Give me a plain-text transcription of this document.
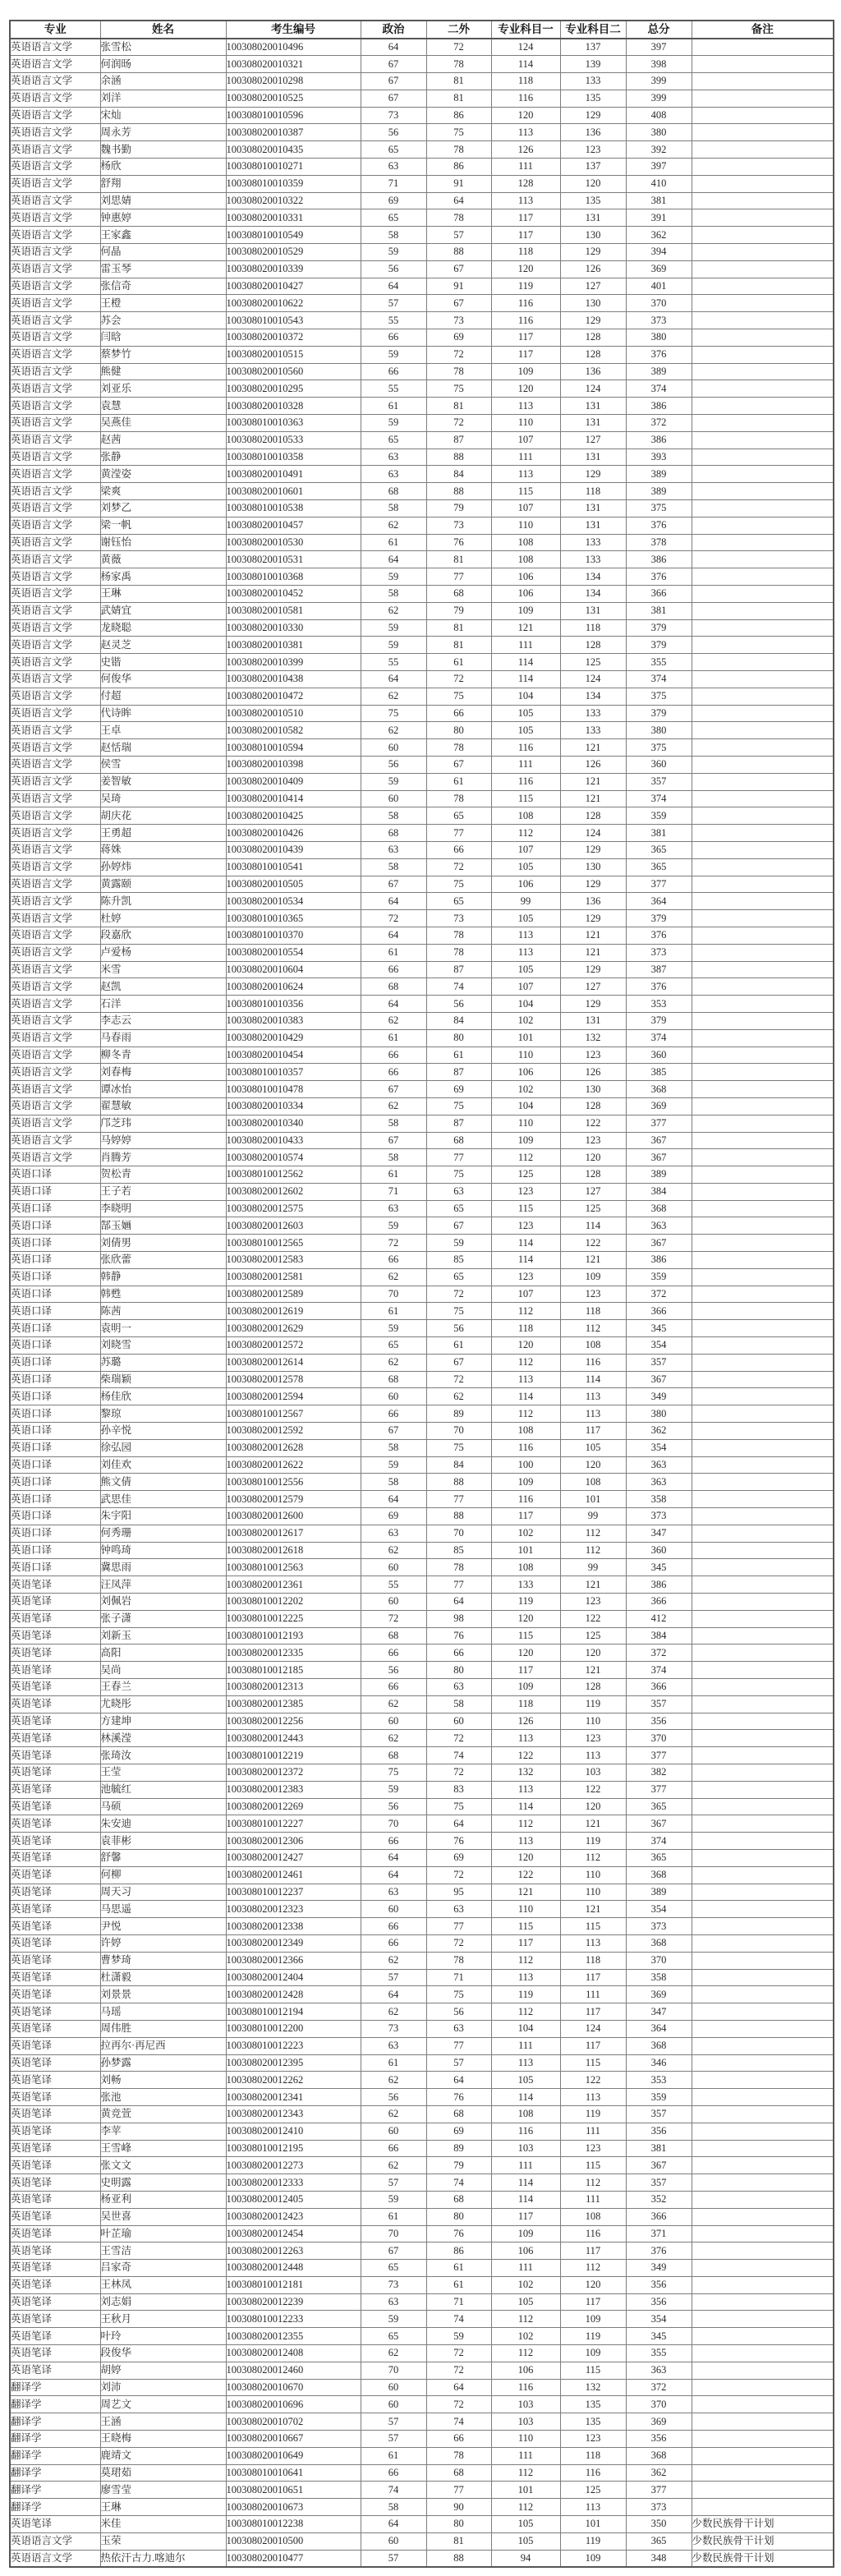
专业	姓名	考生编号	政治	二外	专业科目一	专业科目二	总分	备注
英语语言文学	张雪松	100308020010496	64	72	124	137	397	
英语语言文学	何润旸	100308020010321	67	78	114	139	398	
英语语言文学	余涵	100308020010298	67	81	118	133	399	
英语语言文学	刘洋	100308020010525	67	81	116	135	399	
英语语言文学	宋灿	100308010010596	73	86	120	129	408	
英语语言文学	周永芳	100308020010387	56	75	113	136	380	
英语语言文学	魏书勤	100308020010435	65	78	126	123	392	
英语语言文学	杨欣	100308010010271	63	86	111	137	397	
英语语言文学	舒翔	100308010010359	71	91	128	120	410	
英语语言文学	刘思婧	100308020010322	69	64	113	135	381	
英语语言文学	钟惠婷	100308020010331	65	78	117	131	391	
英语语言文学	王家鑫	100308010010549	58	57	117	130	362	
英语语言文学	何晶	100308020010529	59	88	118	129	394	
英语语言文学	雷玉琴	100308020010339	56	67	120	126	369	
英语语言文学	张信奇	100308020010427	64	91	119	127	401	
英语语言文学	王橙	100308020010622	57	67	116	130	370	
英语语言文学	苏会	100308010010543	55	73	116	129	373	
英语语言文学	闫晗	100308020010372	66	69	117	128	380	
英语语言文学	蔡梦竹	100308020010515	59	72	117	128	376	
英语语言文学	熊健	100308020010560	66	78	109	136	389	
英语语言文学	刘亚乐	100308020010295	55	75	120	124	374	
英语语言文学	袁慧	100308020010328	61	81	113	131	386	
英语语言文学	吴燕佳	100308010010363	59	72	110	131	372	
英语语言文学	赵茜	100308020010533	65	87	107	127	386	
英语语言文学	张静	100308010010358	63	88	111	131	393	
英语语言文学	黄滢姿	100308020010491	63	84	113	129	389	
英语语言文学	梁爽	100308020010601	68	88	115	118	389	
英语语言文学	刘梦乙	100308010010538	58	79	107	131	375	
英语语言文学	梁一帆	100308020010457	62	73	110	131	376	
英语语言文学	谢钰怡	100308020010530	61	76	108	133	378	
英语语言文学	黄薇	100308020010531	64	81	108	133	386	
英语语言文学	杨家禹	100308010010368	59	77	106	134	376	
英语语言文学	王琳	100308020010452	58	68	106	134	366	
英语语言文学	武婧宜	100308020010581	62	79	109	131	381	
英语语言文学	龙晓聪	100308020010330	59	81	121	118	379	
英语语言文学	赵灵芝	100308020010381	59	81	111	128	379	
英语语言文学	史锴	100308020010399	55	61	114	125	355	
英语语言文学	何俊华	100308020010438	64	72	114	124	374	
英语语言文学	付超	100308020010472	62	75	104	134	375	
英语语言文学	代诗眸	100308020010510	75	66	105	133	379	
英语语言文学	王卓	100308020010582	62	80	105	133	380	
英语语言文学	赵恬瑞	100308010010594	60	78	116	121	375	
英语语言文学	侯雪	100308020010398	56	67	111	126	360	
英语语言文学	姜智敏	100308020010409	59	61	116	121	357	
英语语言文学	吴琦	100308020010414	60	78	115	121	374	
英语语言文学	胡庆花	100308020010425	58	65	108	128	359	
英语语言文学	王勇超	100308020010426	68	77	112	124	381	
英语语言文学	蒋姝	100308020010439	63	66	107	129	365	
英语语言文学	孙婷炜	100308010010541	58	72	105	130	365	
英语语言文学	黄露颐	100308020010505	67	75	106	129	377	
英语语言文学	陈升凯	100308020010534	64	65	99	136	364	
英语语言文学	杜婷	100308010010365	72	73	105	129	379	
英语语言文学	段嘉欣	100308010010370	64	78	113	121	376	
英语语言文学	卢爱杨	100308020010554	61	78	113	121	373	
英语语言文学	米雪	100308020010604	66	87	105	129	387	
英语语言文学	赵凯	100308020010624	68	74	107	127	376	
英语语言文学	石洋	100308010010356	64	56	104	129	353	
英语语言文学	李志云	100308020010383	62	84	102	131	379	
英语语言文学	马春雨	100308020010429	61	80	101	132	374	
英语语言文学	柳冬青	100308020010454	66	61	110	123	360	
英语语言文学	刘春梅	100308010010357	66	87	106	126	385	
英语语言文学	谭冰怡	100308010010478	67	69	102	130	368	
英语语言文学	翟慧敏	100308020010334	62	75	104	128	369	
英语语言文学	邝芝玮	100308020010340	58	87	110	122	377	
英语语言文学	马婷婷	100308020010433	67	68	109	123	367	
英语语言文学	肖腾芳	100308020010574	58	77	112	120	367	
英语口译	贺松青	100308010012562	61	75	125	128	389	
英语口译	王子若	100308020012602	71	63	123	127	384	
英语口译	李晓明	100308020012575	63	65	115	125	368	
英语口译	郜玉婳	100308020012603	59	67	123	114	363	
英语口译	刘倩男	100308010012565	72	59	114	122	367	
英语口译	张欣蕾	100308020012583	66	85	114	121	386	
英语口译	韩静	100308020012581	62	65	123	109	359	
英语口译	韩甦	100308020012589	70	72	107	123	372	
英语口译	陈茜	100308020012619	61	75	112	118	366	
英语口译	袁明一	100308020012629	59	56	118	112	345	
英语口译	刘晓雪	100308020012572	65	61	120	108	354	
英语口译	苏璐	100308020012614	62	67	112	116	357	
英语口译	柴瑞颖	100308020012578	68	72	113	114	367	
英语口译	杨佳欣	100308020012594	60	62	114	113	349	
英语口译	黎琼	100308010012567	66	89	112	113	380	
英语口译	孙辛悦	100308020012592	67	70	108	117	362	
英语口译	徐弘园	100308020012628	58	75	116	105	354	
英语口译	刘佳欢	100308020012622	59	84	100	120	363	
英语口译	熊文倩	100308010012556	58	88	109	108	363	
英语口译	武思佳	100308020012579	64	77	116	101	358	
英语口译	朱宇阳	100308020012600	69	88	117	99	373	
英语口译	何秀珊	100308020012617	63	70	102	112	347	
英语口译	钟鸣琦	100308020012618	62	85	101	112	360	
英语口译	冀思雨	100308010012563	60	78	108	99	345	
英语笔译	汪凤萍	100308020012361	55	77	133	121	386	
英语笔译	刘佩岩	100308010012202	60	64	119	123	366	
英语笔译	张子潇	100308010012225	72	98	120	122	412	
英语笔译	刘新玉	100308010012193	68	76	115	125	384	
英语笔译	高阳	100308020012335	66	66	120	120	372	
英语笔译	吴尚	100308010012185	56	80	117	121	374	
英语笔译	王春兰	100308020012313	66	63	109	128	366	
英语笔译	尤晓彤	100308020012385	62	58	118	119	357	
英语笔译	方建坤	100308020012256	60	60	126	110	356	
英语笔译	林溪滢	100308020012443	62	72	113	123	370	
英语笔译	张琦汝	100308010012219	68	74	122	113	377	
英语笔译	王莹	100308020012372	75	72	132	103	382	
英语笔译	池毓红	100308020012383	59	83	113	122	377	
英语笔译	马硕	100308020012269	56	75	114	120	365	
英语笔译	朱安迪	100308010012227	70	64	112	121	367	
英语笔译	袁菲彬	100308020012306	66	76	113	119	374	
英语笔译	舒馨	100308020012427	64	69	120	112	365	
英语笔译	何柳	100308020012461	64	72	122	110	368	
英语笔译	周天习	100308010012237	63	95	121	110	389	
英语笔译	马思遥	100308020012323	60	63	110	121	354	
英语笔译	尹悦	100308020012338	66	77	115	115	373	
英语笔译	许婷	100308020012349	66	72	117	113	368	
英语笔译	曹梦琦	100308020012366	62	78	112	118	370	
英语笔译	杜潇毅	100308020012404	57	71	113	117	358	
英语笔译	刘景景	100308020012428	64	75	119	111	369	
英语笔译	马瑶	100308010012194	62	56	112	117	347	
英语笔译	周伟胜	100308010012200	73	63	104	124	364	
英语笔译	拉再尔·再尼西	100308010012223	63	77	111	117	368	
英语笔译	孙梦露	100308020012395	61	57	113	115	346	
英语笔译	刘畅	100308020012262	62	64	105	122	353	
英语笔译	张池	100308020012341	56	76	114	113	359	
英语笔译	黄竞萱	100308020012343	62	68	108	119	357	
英语笔译	李苹	100308020012410	60	69	116	111	356	
英语笔译	王雪峰	100308010012195	66	89	103	123	381	
英语笔译	张文文	100308020012273	62	79	111	115	367	
英语笔译	史明露	100308020012333	57	74	114	112	357	
英语笔译	杨亚利	100308020012405	59	68	114	111	352	
英语笔译	吴世喜	100308020012423	61	80	117	108	366	
英语笔译	叶芷瑜	100308020012454	70	76	109	116	371	
英语笔译	王雪洁	100308020012263	67	86	106	117	376	
英语笔译	吕家奇	100308020012448	65	61	111	112	349	
英语笔译	王林凤	100308010012181	73	61	102	120	356	
英语笔译	刘志娟	100308020012239	63	71	105	117	356	
英语笔译	王秋月	100308010012233	59	74	112	109	354	
英语笔译	叶玲	100308020012355	65	59	102	119	345	
英语笔译	段俊华	100308020012408	62	72	112	109	355	
英语笔译	胡婷	100308020012460	70	72	106	115	363	
翻译学	刘沛	100308020010670	60	64	116	132	372	
翻译学	周艺文	100308020010696	60	72	103	135	370	
翻译学	王涵	100308020010702	57	74	103	135	369	
翻译学	王晓梅	100308020010667	57	66	110	123	356	
翻译学	鹿靖文	100308020010649	61	78	111	118	368	
翻译学	莫珺茹	100308010010641	66	68	112	116	362	
翻译学	廖雪莹	100308020010651	74	77	101	125	377	
翻译学	王琳	100308020010673	58	90	112	113	373	
英语笔译	米佳	100308010012238	64	80	105	101	350	少数民族骨干计划
英语语言文学	玉荣	100308020010500	60	81	105	119	365	少数民族骨干计划
英语语言文学	热依汗古力.喀迪尔	100308020010477	57	88	94	109	348	少数民族骨干计划
